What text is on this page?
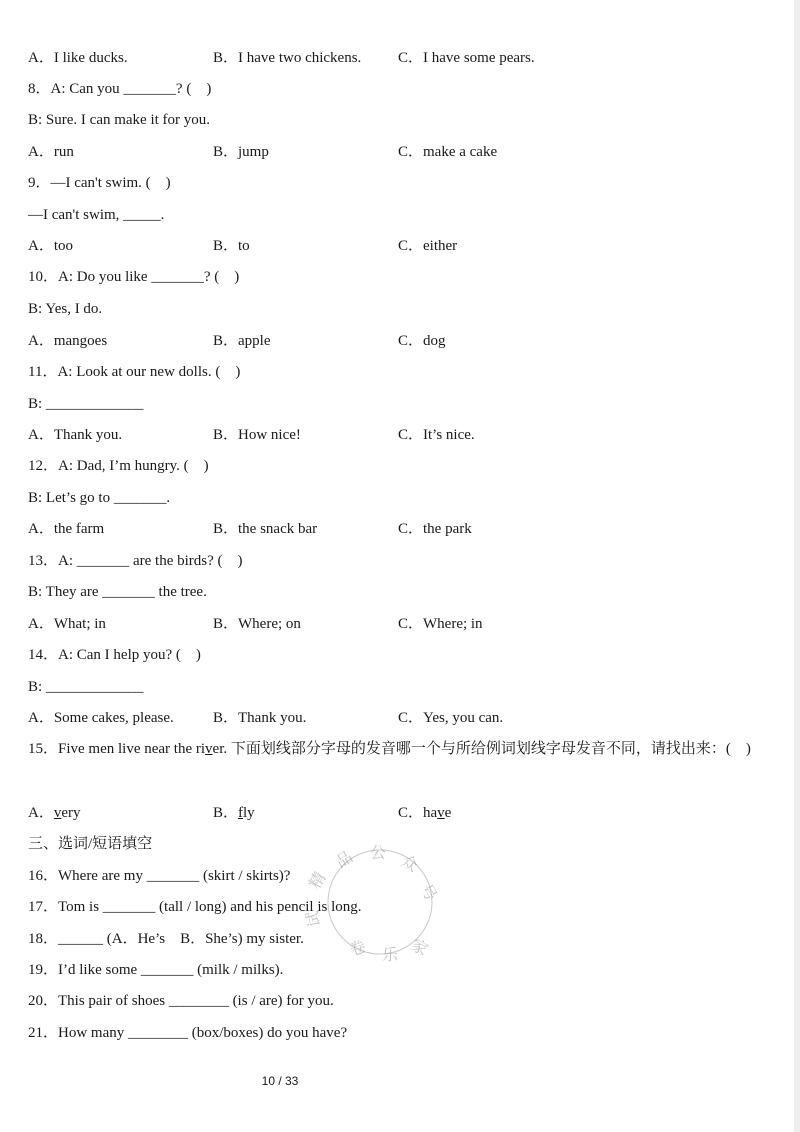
A．I like ducks.	B．I have two chickens. C．I have some pears.
8．A: Can you _______? (　)
B: Sure. I can make it for you.
A．run	B．jump	C．make a cake
9．—I can't swim. (　)
—I can't swim, _____.
A．too	B．to	C．either
10．A: Do you like _______? (　)
B: Yes, I do.
A．mangoes	B．apple	C．dog
11．A: Look at our new dolls. (　)
B: _____________
A．Thank you.	B．How nice!	C．It’s nice.
12．A: Dad, I’m hungry. (　)
B: Let’s go to _______.
A．the farm	B．the snack bar	C．the park
13．A: _______ are the birds? (　)
B: They are _______ the tree.
A．What; in	B．Where; on	C．Where; in
14．A: Can I help you? (　)
B: _____________
A．Some cakes, please.	B．Thank you.	C．Yes, you can.
15．Five men live near the river. 下面划线部分字母的发音哪一个与所给例词划线字母发音不同，请找出来：(　)
A．very	B．fly	C．have
三、选词/短语填空
16．Where are my _______ (skirt / skirts)?
17．Tom is _______ (tall / long) and his pencil is long.
18．______ (A．He’s　B．She’s) my sister.
19．I’d like some _______ (milk / milks).
20．This pair of shoes ________ (is / are) for you.
21．How many ________ (box/boxes) do you have?
精
品 公 众
号
试
卷 乐 家
10 / 33
